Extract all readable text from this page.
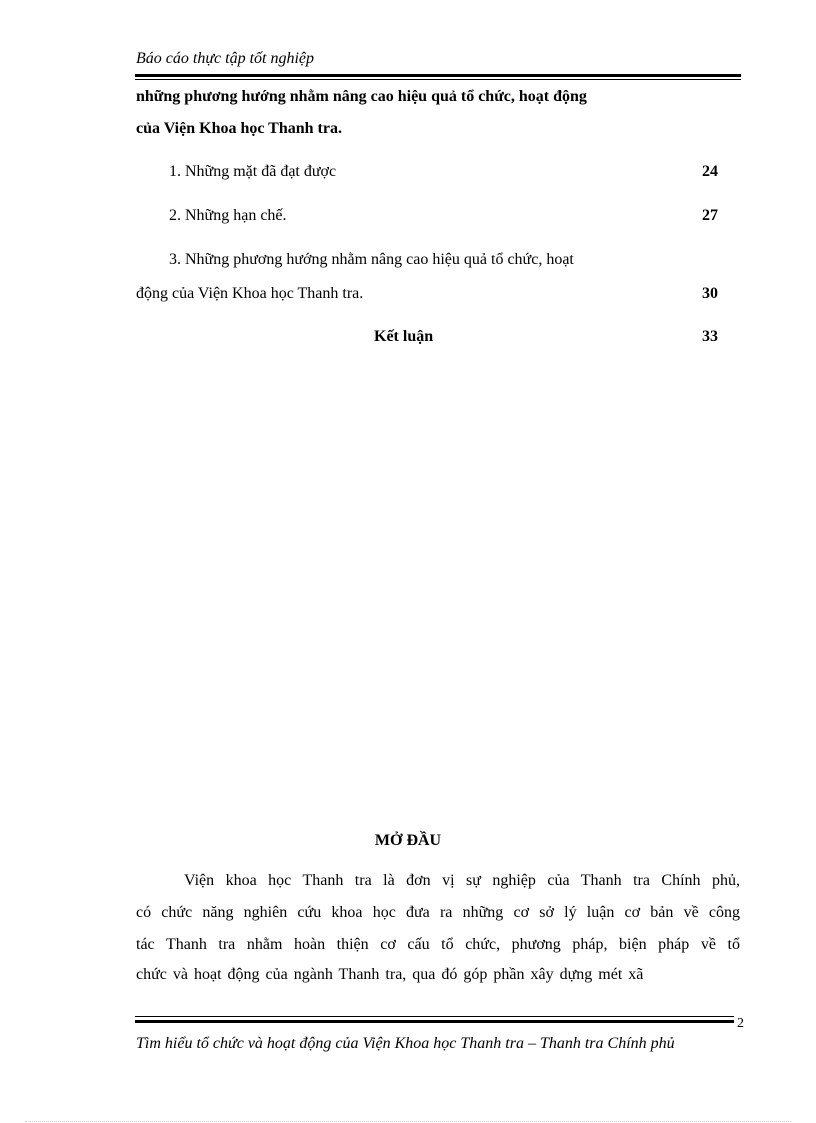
Báo cáo thực tập tốt nghiệp
những phương hướng nhằm nâng cao hiệu quả tổ chức, hoạt động
của Viện Khoa học Thanh tra.
1. Những mặt đã đạt được	24
2. Những hạn chế.	27
3. Những phương hướng nhằm nâng cao hiệu quả tổ chức, hoạt
động của Viện Khoa học Thanh tra.	30
Kết luận	33
MỞ ĐẦU
Viện khoa học Thanh tra là đơn vị sự nghiệp của Thanh tra Chính phủ,
có chức năng nghiên cứu khoa học đưa ra những cơ sở lý luận cơ bản về công
tác Thanh tra nhằm hoàn thiện cơ cấu tổ chức, phương pháp, biện pháp về tổ
chức và hoạt động của ngành Thanh tra, qua đó góp phần xây dựng mét xã
2
Tìm hiểu tổ chức và hoạt động của Viện Khoa học Thanh tra – Thanh tra Chính phủ
